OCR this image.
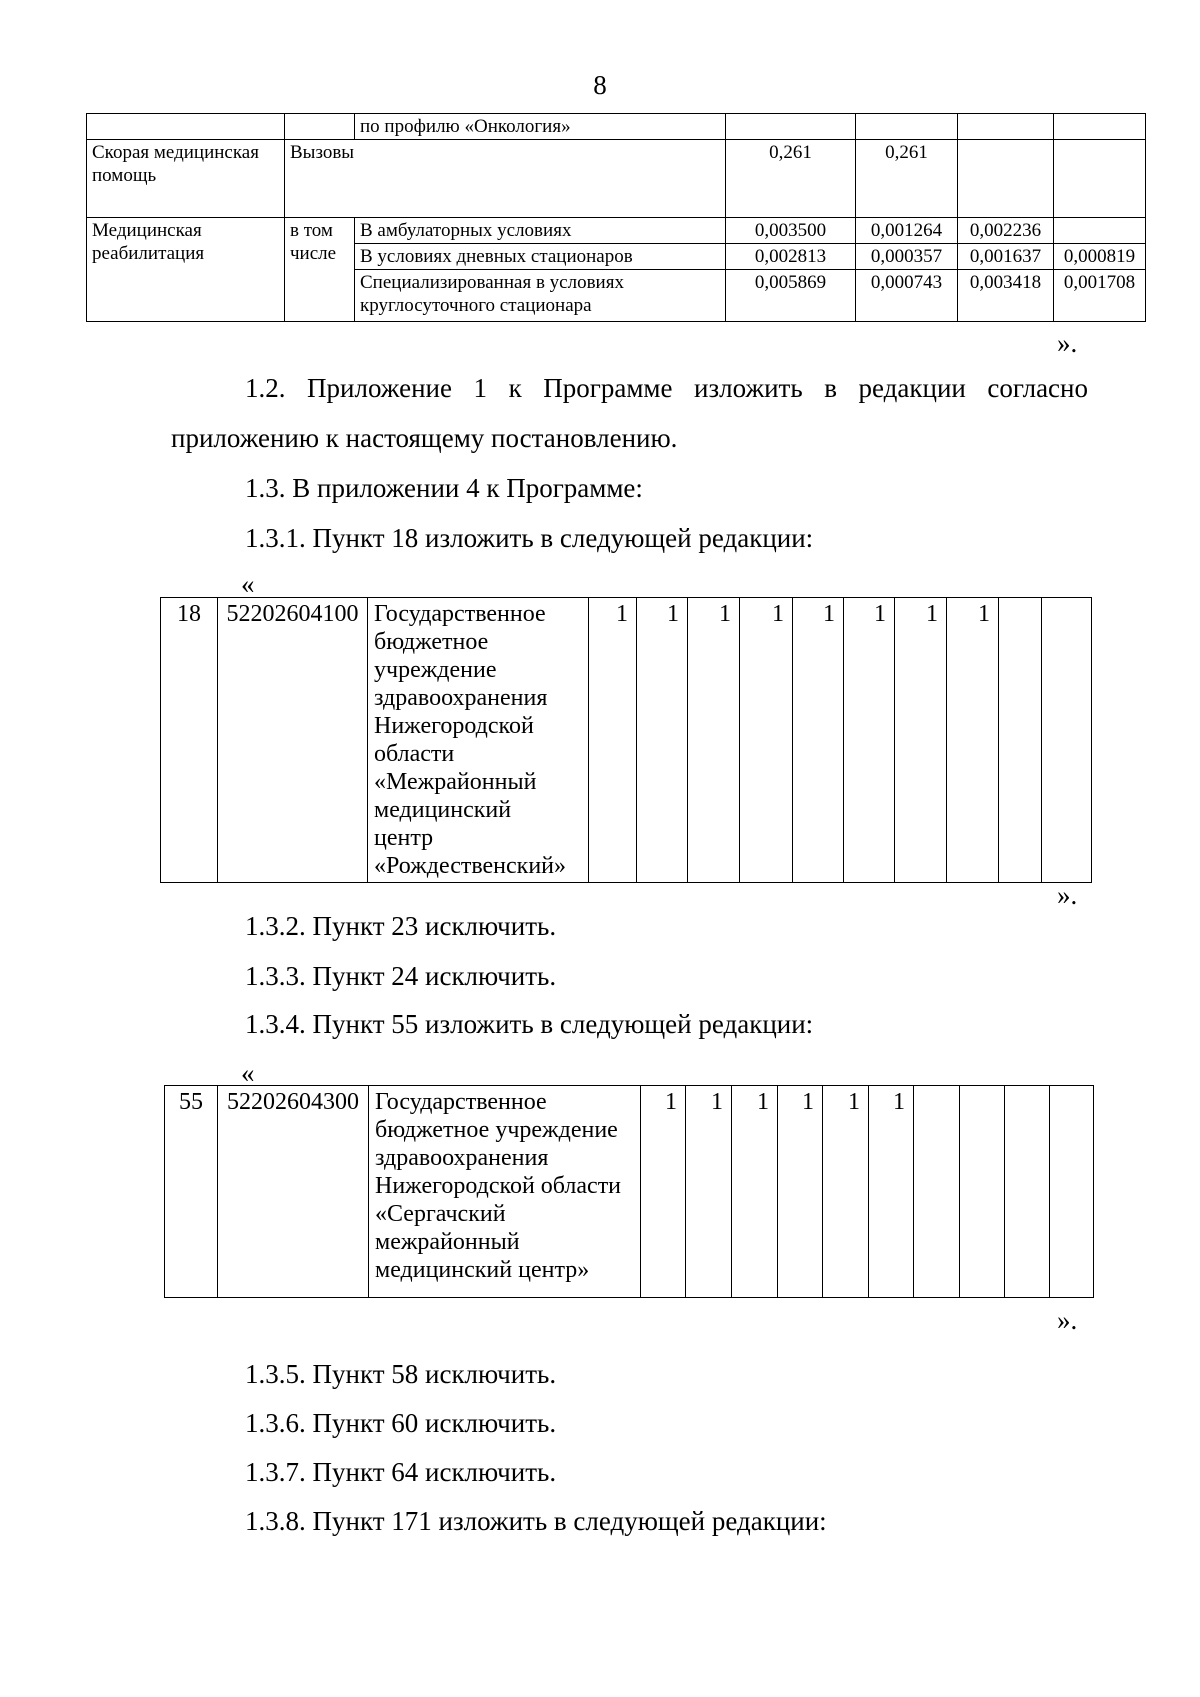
8
		по профилю «Онкология»				
Скорая медицинская помощь	Вызовы		0,261	0,261		
Медицинская реабилитация	в том числе	В амбулаторных условиях	0,003500	0,001264	0,002236	
		В условиях дневных стационаров	0,002813	0,000357	0,001637	0,000819
		Специализированная в условиях круглосуточного стационара	0,005869	0,000743	0,003418	0,001708
».
1.2. Приложение 1 к Программе изложить в редакции согласно
приложению к настоящему постановлению.
1.3. В приложении 4 к Программе:
1.3.1. Пункт 18 изложить в следующей редакции:
«
18	52202604100	Государственное
бюджетное
учреждение
здравоохранения
Нижегородской
области
«Межрайонный
медицинский
центр
«Рождественский»
	1	1	1	1	1	1	1	1		
».
1.3.2. Пункт 23 исключить.
1.3.3. Пункт 24 исключить.
1.3.4. Пункт 55 изложить в следующей редакции:
«
55	52202604300	Государственное
бюджетное учреждение
здравоохранения
Нижегородской области
«Сергачский
межрайонный
медицинский центр»
	1	1	1	1	1	1				
».
1.3.5. Пункт 58 исключить.
1.3.6. Пункт 60 исключить.
1.3.7. Пункт 64 исключить.
1.3.8. Пункт 171 изложить в следующей редакции:
